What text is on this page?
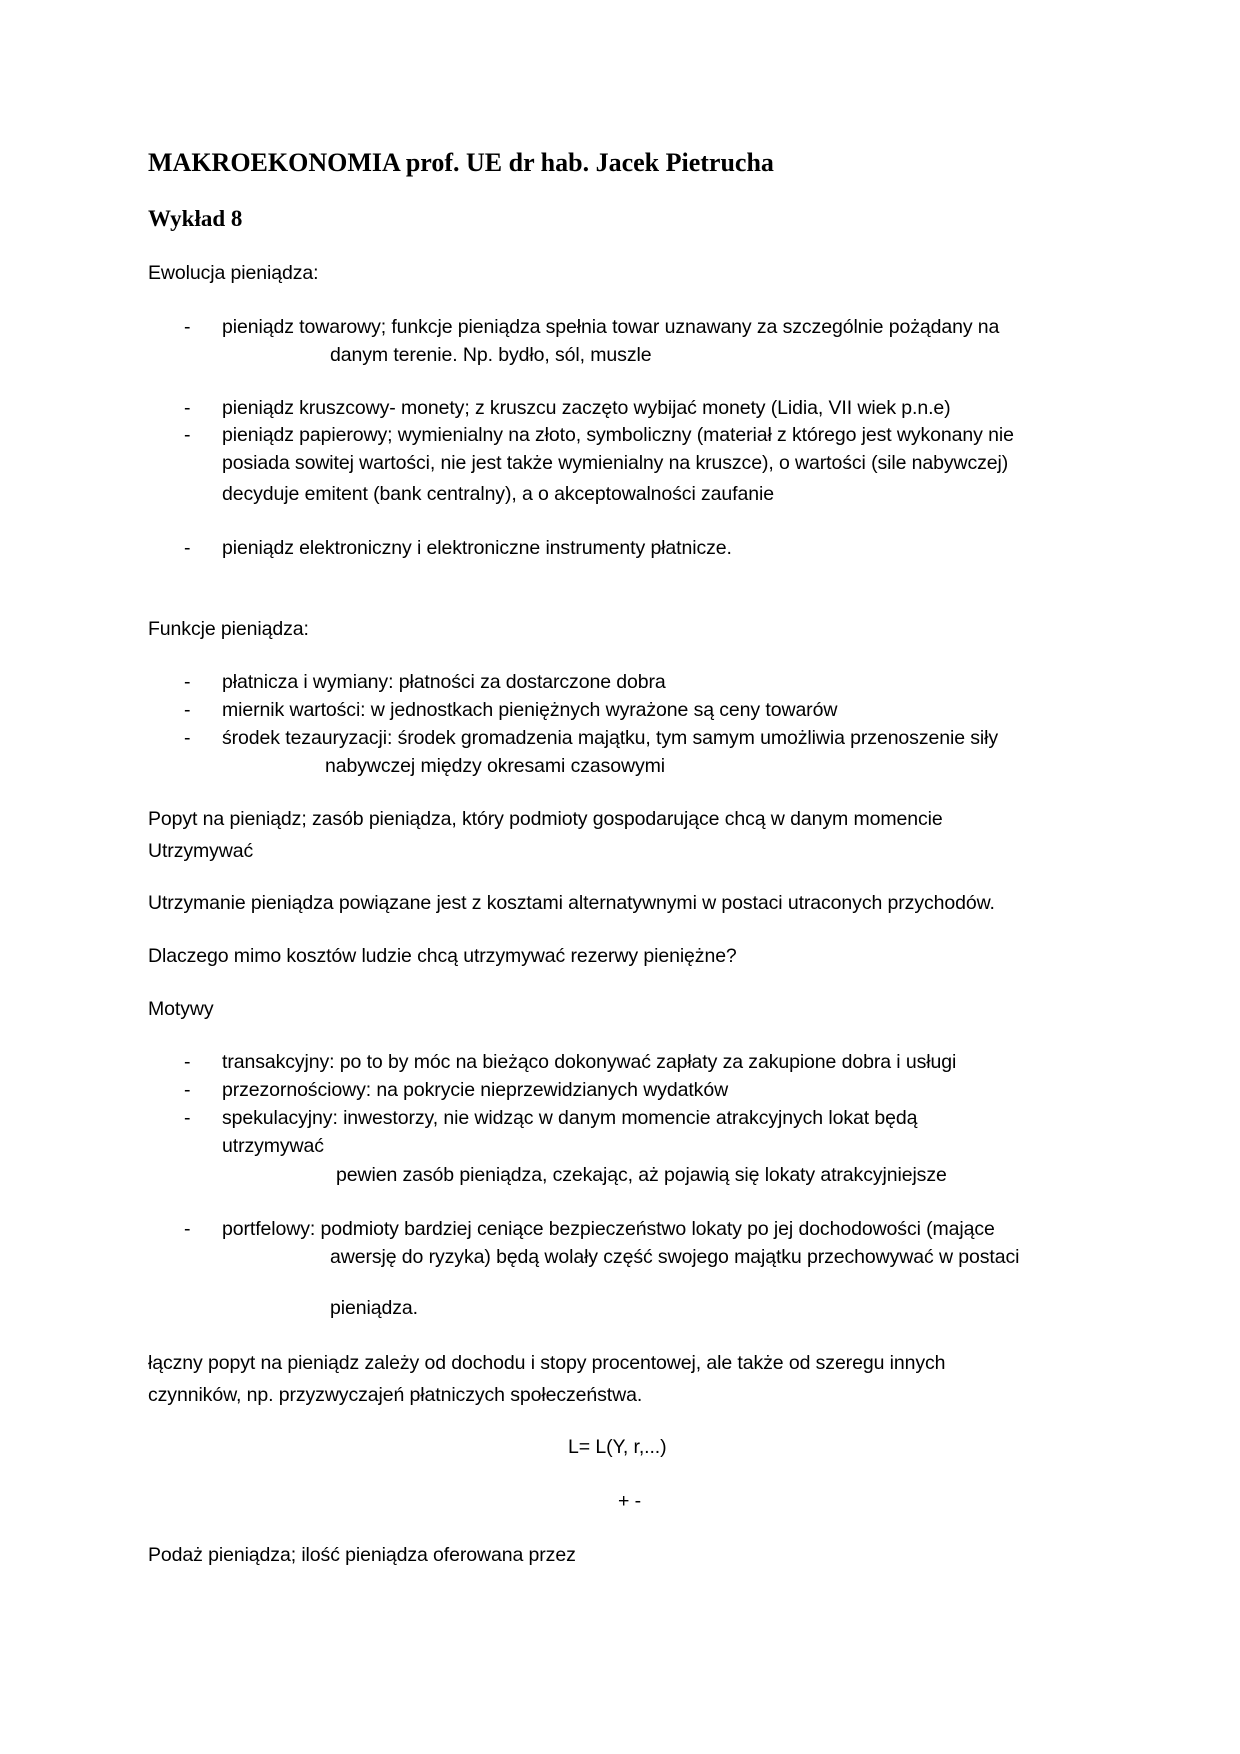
MAKROEKONOMIA prof. UE dr hab. Jacek Pietrucha
Wykład 8
Ewolucja pieniądza:
- pieniądz towarowy; funkcje pieniądza spełnia towar uznawany za szczególnie pożądany na
danym terenie. Np. bydło, sól, muszle
- pieniądz kruszcowy- monety; z kruszcu zaczęto wybijać monety (Lidia, VII wiek p.n.e)
- pieniądz papierowy; wymienialny na złoto, symboliczny (materiał z którego jest wykonany nie
posiada sowitej wartości, nie jest także wymienialny na kruszce), o wartości (sile nabywczej)
decyduje emitent (bank centralny), a o akceptowalności zaufanie
- pieniądz elektroniczny i elektroniczne instrumenty płatnicze.
Funkcje pieniądza:
- płatnicza i wymiany: płatności za dostarczone dobra
- miernik wartości: w jednostkach pieniężnych wyrażone są ceny towarów
- środek tezauryzacji: środek gromadzenia majątku, tym samym umożliwia przenoszenie siły
nabywczej między okresami czasowymi
Popyt na pieniądz; zasób pieniądza, który podmioty gospodarujące chcą w danym momencie
Utrzymywać
Utrzymanie pieniądza powiązane jest z kosztami alternatywnymi w postaci utraconych przychodów.
Dlaczego mimo kosztów ludzie chcą utrzymywać rezerwy pieniężne?
Motywy
- transakcyjny: po to by móc na bieżąco dokonywać zapłaty za zakupione dobra i usługi
- przezornościowy: na pokrycie nieprzewidzianych wydatków
- spekulacyjny: inwestorzy, nie widząc w danym momencie atrakcyjnych lokat będą
utrzymywać
pewien zasób pieniądza, czekając, aż pojawią się lokaty atrakcyjniejsze
- portfelowy: podmioty bardziej ceniące bezpieczeństwo lokaty po jej dochodowości (mające
awersję do ryzyka) będą wolały część swojego majątku przechowywać w postaci
pieniądza.
łączny popyt na pieniądz zależy od dochodu i stopy procentowej, ale także od szeregu innych
czynników, np. przyzwyczajeń płatniczych społeczeństwa.
L= L(Y, r,...)
+ -
Podaż pieniądza; ilość pieniądza oferowana przez
